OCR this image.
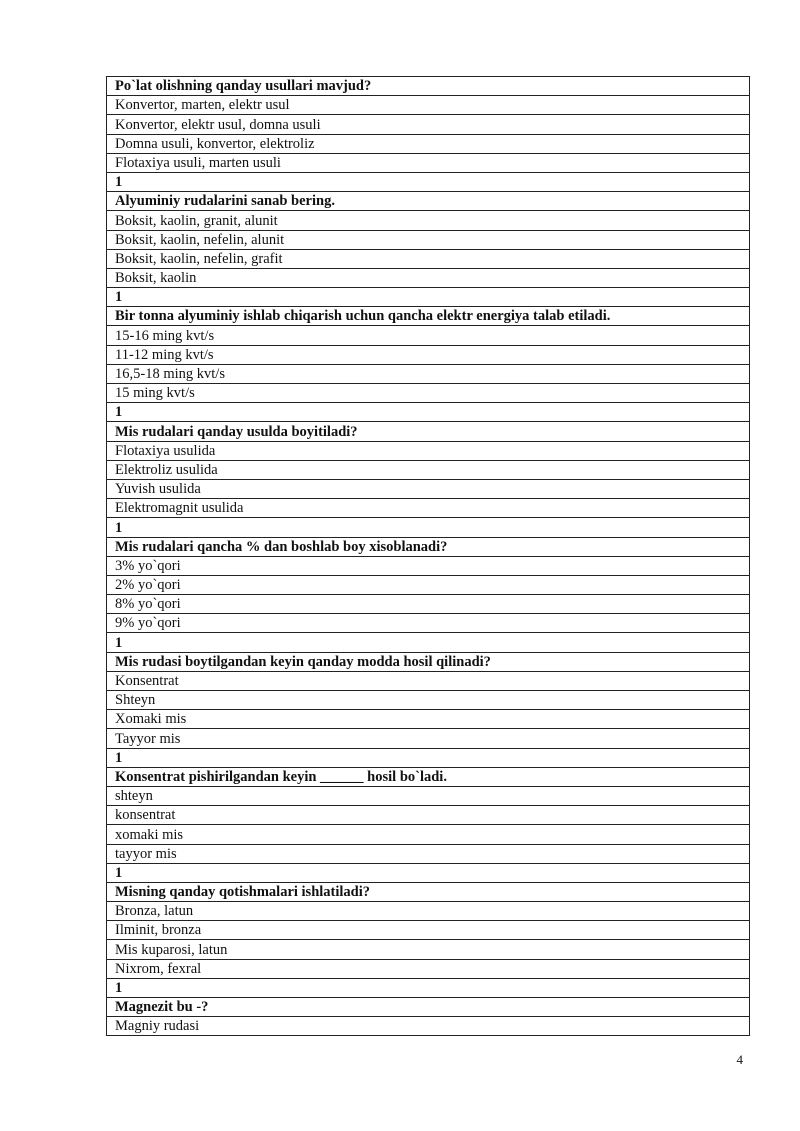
Po`lat olishning qanday usullari mavjud?
Konvertor, marten, elektr usul
Konvertor, elektr usul, domna usuli
Domna usuli, konvertor, elektroliz
Flotaxiya usuli, marten usuli
1
Alyuminiy rudalarini sanab bering.
Boksit, kaolin, granit, alunit
Boksit, kaolin, nefelin, alunit
Boksit, kaolin, nefelin, grafit
Boksit, kaolin
1
Bir tonna alyuminiy ishlab chiqarish uchun qancha elektr energiya talab etiladi.
15-16 ming kvt/s
11-12 ming kvt/s
16,5-18 ming kvt/s
15 ming kvt/s
1
Mis rudalari qanday usulda boyitiladi?
Flotaxiya usulida
Elektroliz usulida
Yuvish usulida
Elektromagnit usulida
1
Mis rudalari qancha % dan boshlab boy xisoblanadi?
3% yo`qori
2% yo`qori
8% yo`qori
9% yo`qori
1
Mis rudasi boytilgandan keyin qanday modda hosil qilinadi?
Konsentrat
Shteyn
Xomaki mis
Tayyor mis
1
Konsentrat pishirilgandan keyin ______ hosil bo`ladi.
shteyn
konsentrat
xomaki mis
tayyor mis
1
Misning qanday qotishmalari ishlatiladi?
Bronza, latun
Ilminit, bronza
Mis kuparosi, latun
Nixrom, fexral
1
Magnezit bu -?
Magniy rudasi
4
